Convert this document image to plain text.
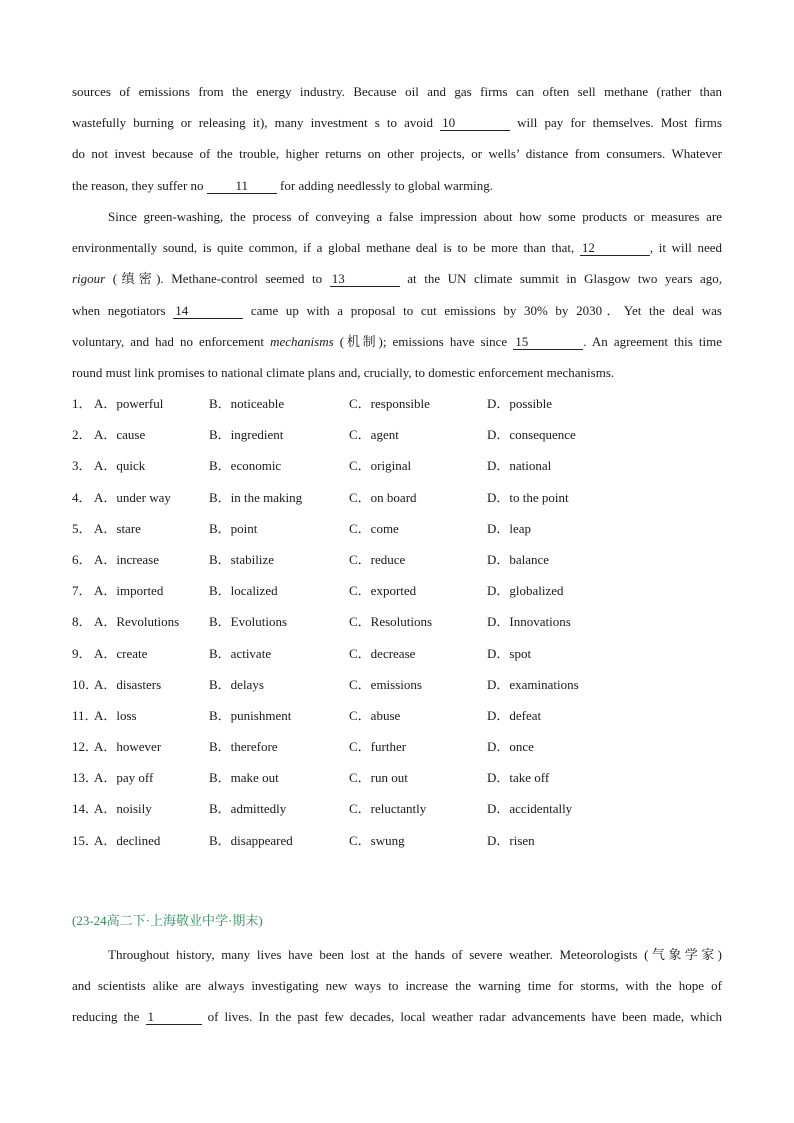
sources of emissions from the energy industry. Because oil and gas firms can often sell methane (rather than
wastefully burning or releasing it), many investment s to avoid 10	will pay for themselves. Most firms
do not invest because of the trouble, higher returns on other projects, or wells’ distance from consumers. Whatever
the reason, they suffer no 11 for adding needlessly to global warming.
Since green-washing, the process of conveying a false impression about how some products or measures are
environmentally sound, is quite common, if a global methane deal is to be more than that, 12	, it will need
rigour (缜密). Methane-control seemed to 13	at the UN climate summit in Glasgow two years ago,
when negotiators 14	came up with a proposal to cut emissions by 30% by 2030．Yet the deal was
voluntary, and had no enforcement mechanisms (机制); emissions have since 15	. An agreement this time
round must link promises to national climate plans and, crucially, to domestic enforcement mechanisms.
1． A．powerful	B．noticeable	C．responsible	D．possible
2． A．cause	B．ingredient	C．agent	D．consequence
3． A．quick	B．economic	C．original	D．national
4． A．under way	B．in the making	C．on board	D．to the point
5． A．stare	B．point	C．come	D．leap
6． A．increase	B．stabilize	C．reduce	D．balance
7． A．imported	B．localized	C．exported	D．globalized
8． A．Revolutions B．Evolutions	C．Resolutions	D．Innovations
9． A．create	B．activate	C．decrease	D．spot
10．
A．disasters	B．delays	C．emissions	D．examinations
11．
A．loss	B．punishment	C．abuse	D．defeat
12．
A．however	B．therefore	C．further	D．once
13．
A．pay off	B．make out	C．run out	D．take off
14．
A．noisily	B．admittedly	C．reluctantly	D．accidentally
15．
A．declined	B．disappeared	C．swung	D．risen
(23-24高二下·上海敬业中学·期末)
Throughout history, many lives have been lost at the hands of severe weather. Meteorologists (气象学家)
and scientists alike are always investigating new ways to increase the warning time for storms, with the hope of
reducing the 1	of lives. In the past few decades, local weather radar advancements have been made, which
